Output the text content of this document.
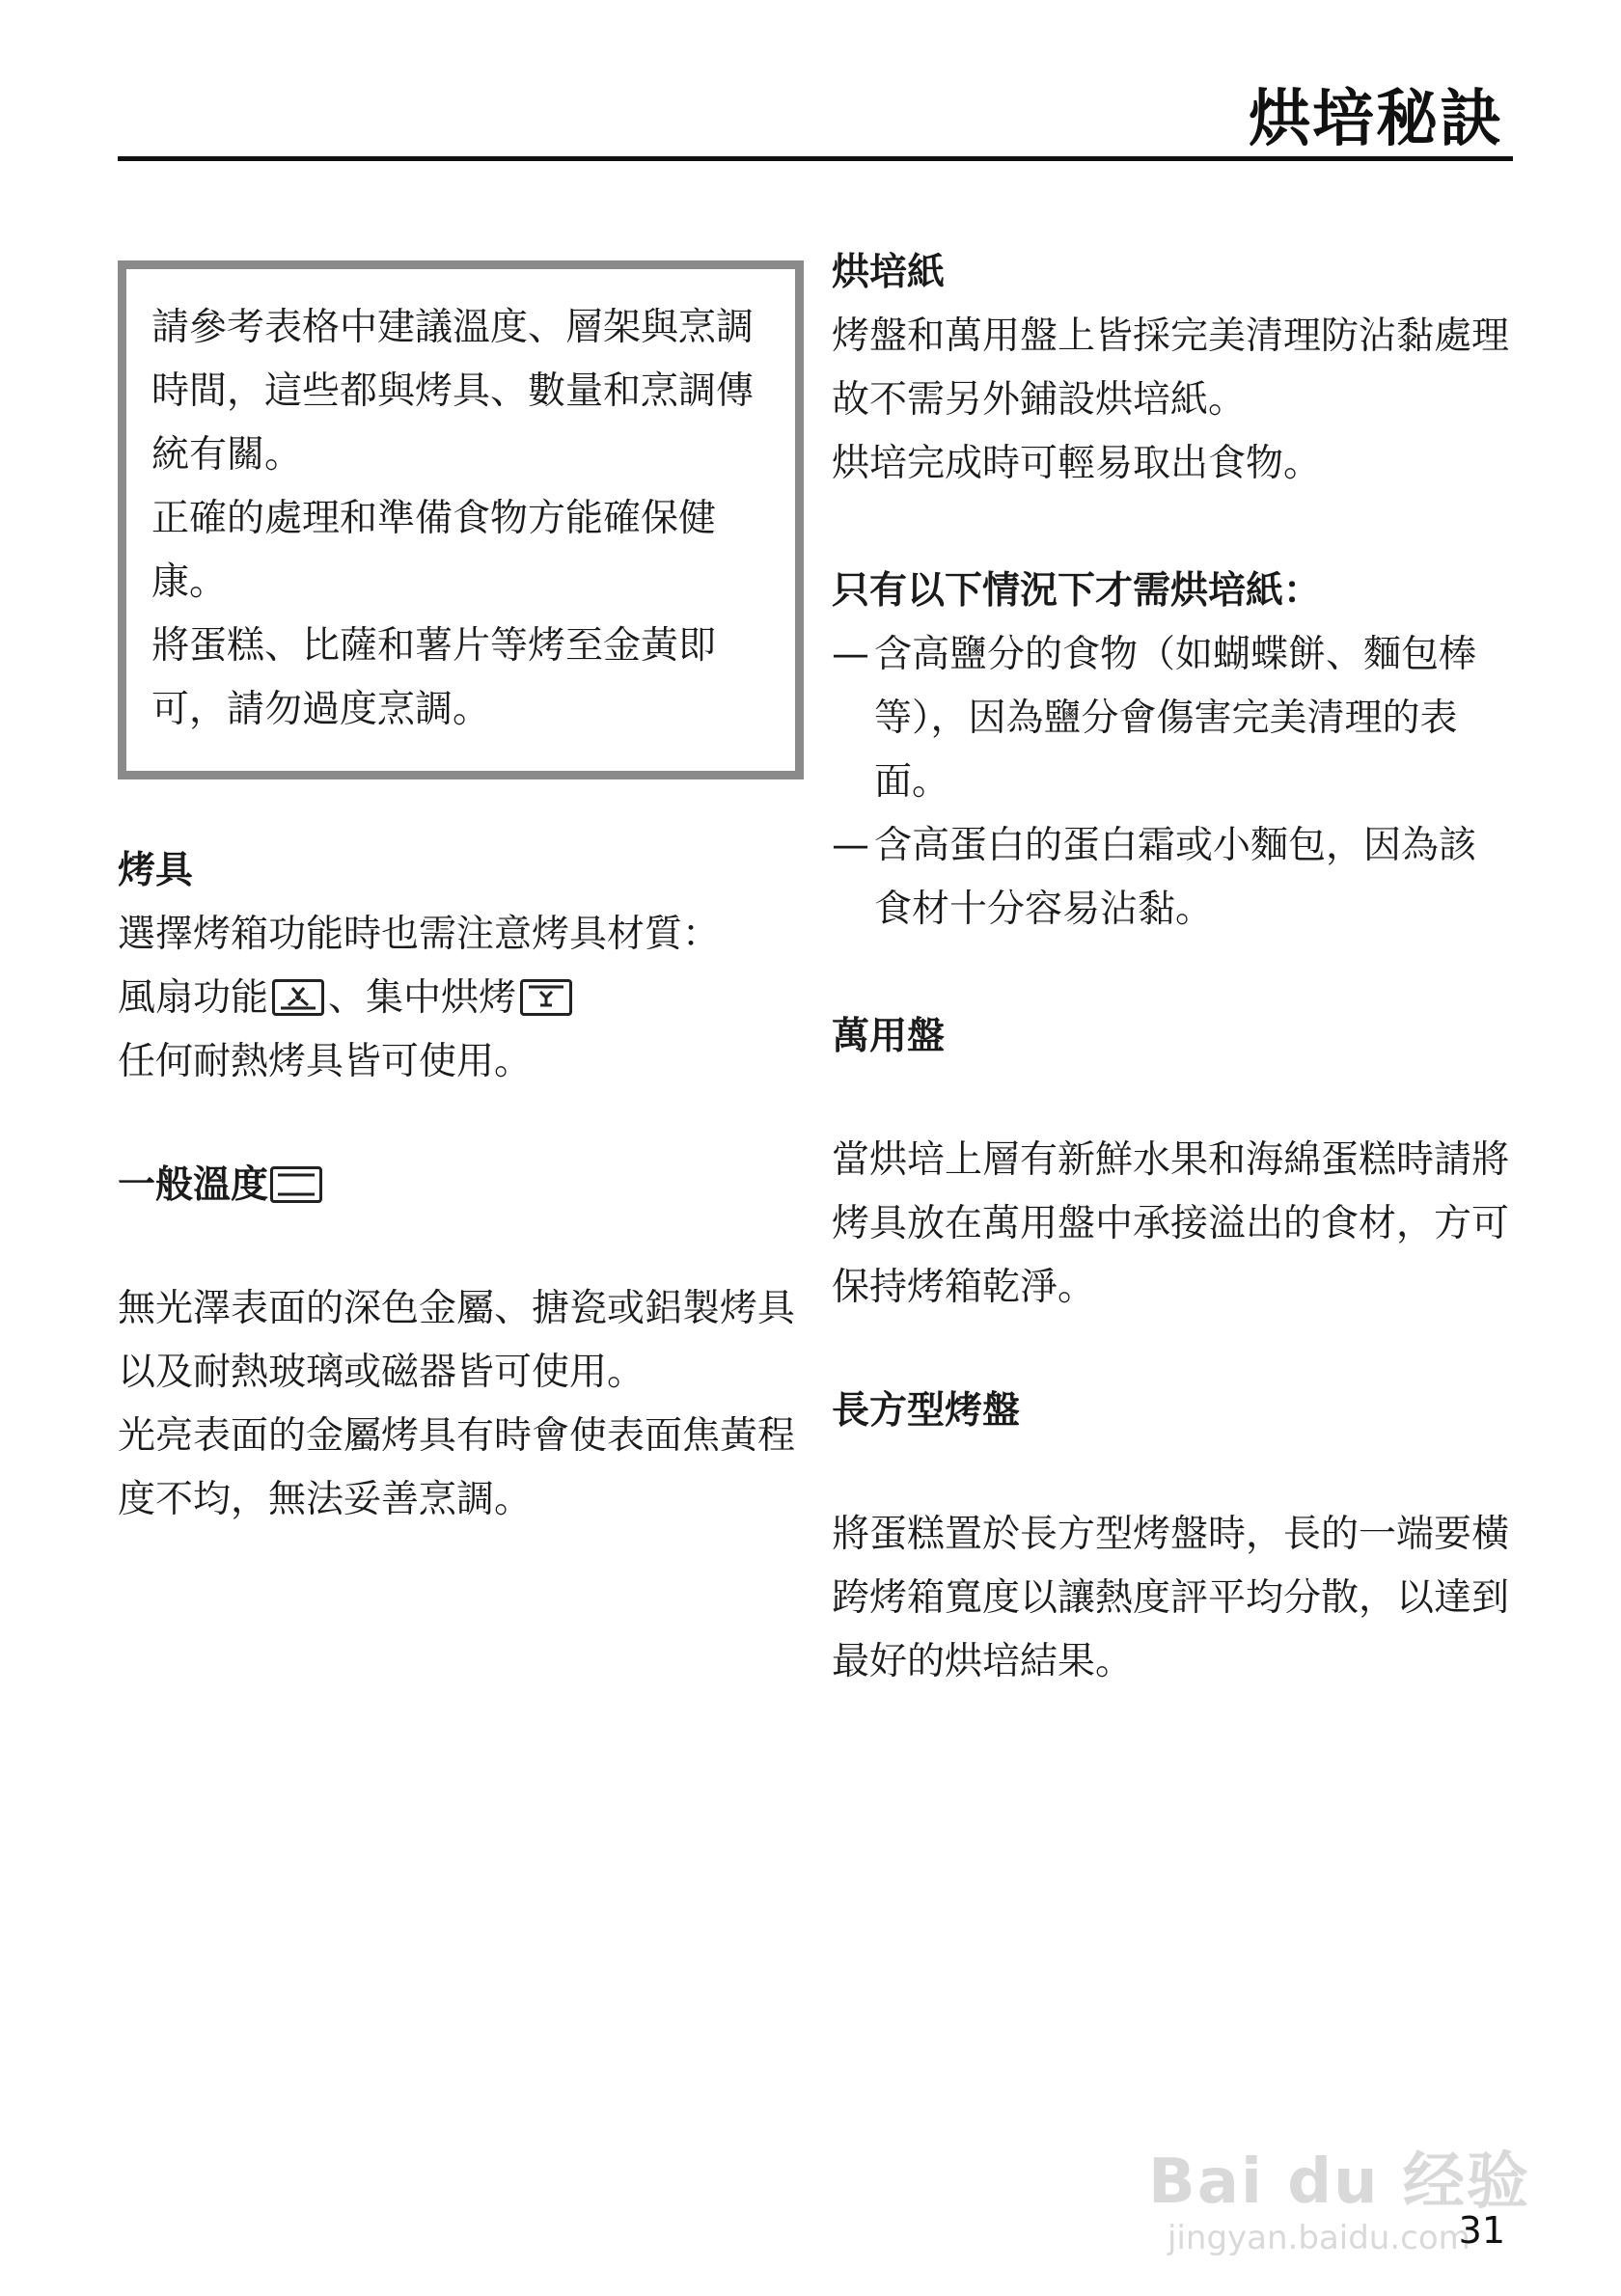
烘培秘訣

請參考表格中建議溫度、層架與烹調時間，這些都與烤具、數量和烹調傳統有關。

正確的處理和準備食物方能確保健康。

將蛋糕、比薩和薯片等烤至金黃即可，請勿過度烹調。

烤具

選擇烤箱功能時也需注意烤具材質：

風扇功能 、集中烘烤

任何耐熱烤具皆可使用。

一般溫度

無光澤表面的深色金屬、搪瓷或鋁製烤具以及耐熱玻璃或磁器皆可使用。

光亮表面的金屬烤具有時會使表面焦黃程度不均，無法妥善烹調。

烘培紙

烤盤和萬用盤上皆採完美清理防沾黏處理故不需另外鋪設烘培紙。

烘培完成時可輕易取出食物。

只有以下情況下才需烘培紙：
— 含高鹽分的食物（如蝴蝶餅、麵包棒等），因為鹽分會傷害完美清理的表面。
— 含高蛋白的蛋白霜或小麵包，因為該食材十分容易沾黏。
萬用盤

當烘培上層有新鮮水果和海綿蛋糕時請將烤具放在萬用盤中承接溢出的食材，方可保持烤箱乾淨。

長方型烤盤

將蛋糕置於長方型烤盤時，長的一端要橫跨烤箱寬度以讓熱度評平均分散，以達到最好的烘培結果。

Bai du 经验
jingyan.baidu.com
31
